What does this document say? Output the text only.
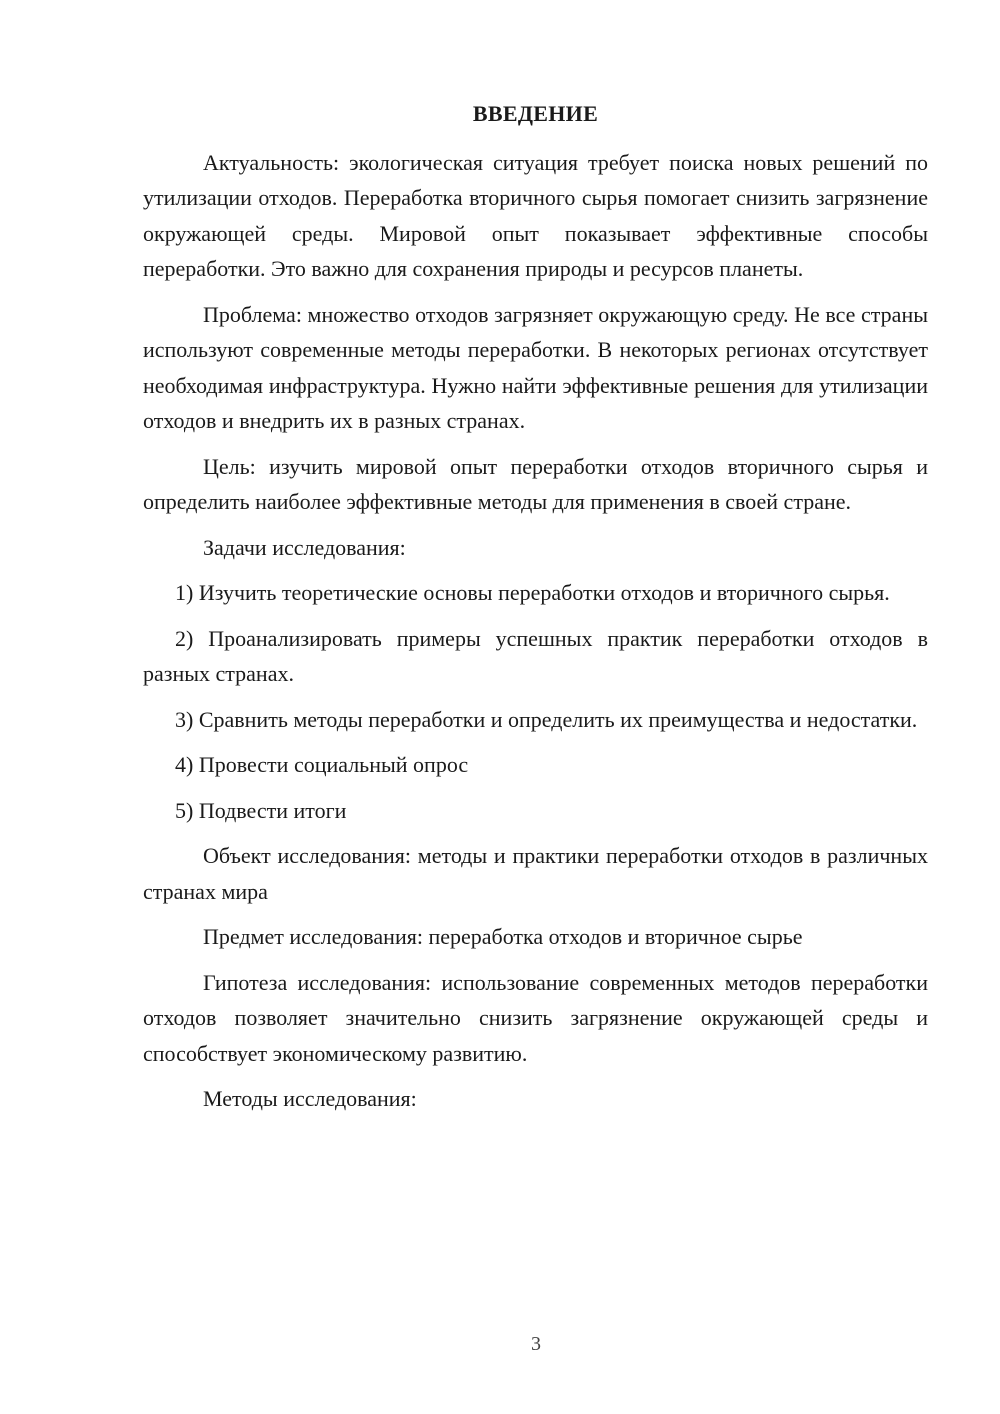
ВВЕДЕНИЕ

Актуальность: экологическая ситуация требует поиска новых решений по утилизации отходов. Переработка вторичного сырья помогает снизить загрязнение окружающей среды. Мировой опыт показывает эффективные способы переработки. Это важно для сохранения природы и ресурсов планеты.

Проблема: множество отходов загрязняет окружающую среду. Не все страны используют современные методы переработки. В некоторых регионах отсутствует необходимая инфраструктура. Нужно найти эффективные решения для утилизации отходов и внедрить их в разных странах.

Цель: изучить мировой опыт переработки отходов вторичного сырья и определить наиболее эффективные методы для применения в своей стране.

Задачи исследования:

1) Изучить теоретические основы переработки отходов и вторичного сырья.

2) Проанализировать примеры успешных практик переработки отходов в разных странах.

3) Сравнить методы переработки и определить их преимущества и недостатки.

4) Провести социальный опрос

5) Подвести итоги

Объект исследования: методы и практики переработки отходов в различных странах мира

Предмет исследования: переработка отходов и вторичное сырье

Гипотеза исследования: использование современных методов переработки отходов позволяет значительно снизить загрязнение окружающей среды и способствует экономическому развитию.

Методы исследования:

3
